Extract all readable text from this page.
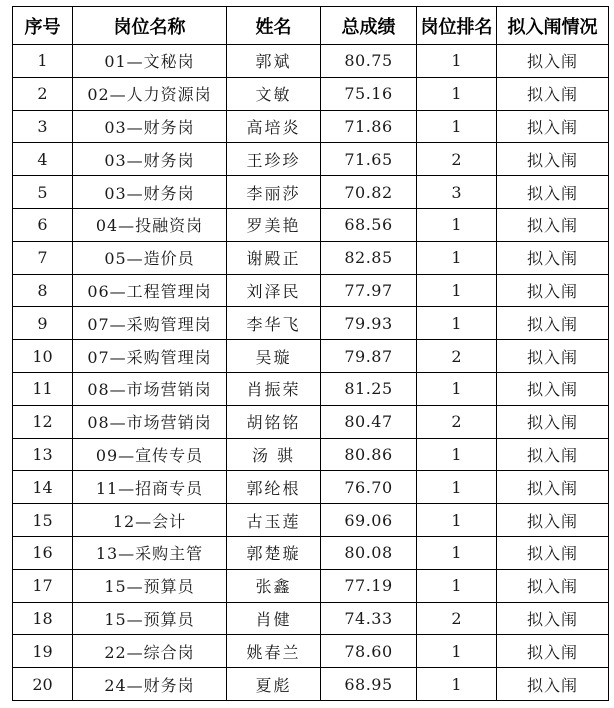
序号	岗位名称	姓名	总成绩	岗位排名	拟入闱情况
1	01—文秘岗	郭斌	80.75	1	拟入闱
2	02—人力资源岗	文敏	75.16	1	拟入闱
3	03—财务岗	高培炎	71.86	1	拟入闱
4	03—财务岗	王珍珍	71.65	2	拟入闱
5	03—财务岗	李丽莎	70.82	3	拟入闱
6	04—投融资岗	罗美艳	68.56	1	拟入闱
7	05—造价员	谢殿正	82.85	1	拟入闱
8	06—工程管理岗	刘泽民	77.97	1	拟入闱
9	07—采购管理岗	李华飞	79.93	1	拟入闱
10	07—采购管理岗	吴璇	79.87	2	拟入闱
11	08—市场营销岗	肖振荣	81.25	1	拟入闱
12	08—市场营销岗	胡铭铭	80.47	2	拟入闱
13	09—宣传专员	汤 骐	80.86	1	拟入闱
14	11—招商专员	郭纶根	76.70	1	拟入闱
15	12—会计	古玉莲	69.06	1	拟入闱
16	13—采购主管	郭楚璇	80.08	1	拟入闱
17	15—预算员	张鑫	77.19	1	拟入闱
18	15—预算员	肖健	74.33	2	拟入闱
19	22—综合岗	姚春兰	78.60	1	拟入闱
20	24—财务岗	夏彪	68.95	1	拟入闱
